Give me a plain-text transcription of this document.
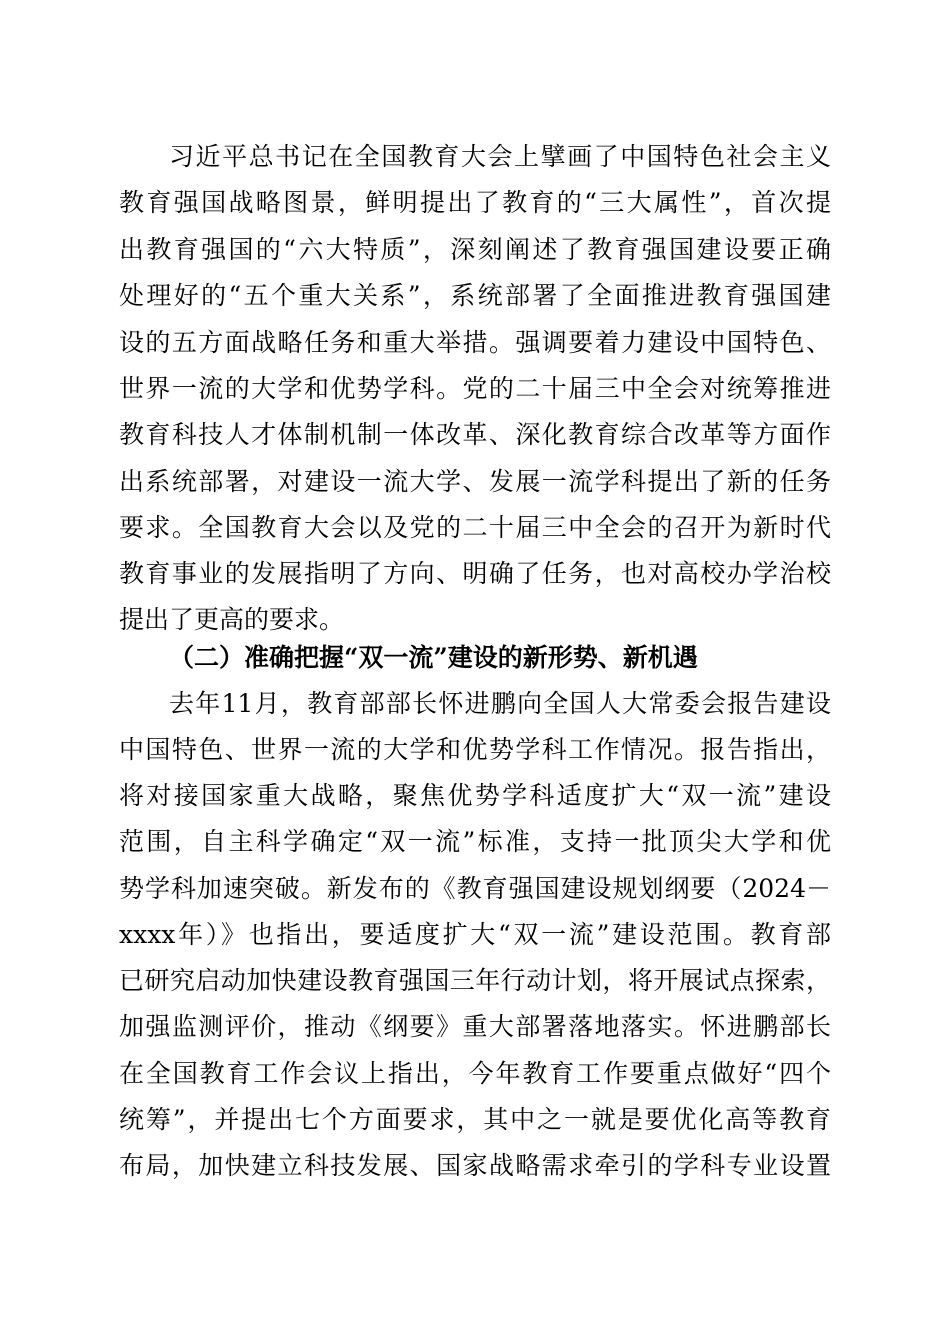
习近平总书记在全国教育大会上擘画了中国特色社会主义
教育强国战略图景，鲜明提出了教育的“三大属性”，首次提
出教育强国的“六大特质”，深刻阐述了教育强国建设要正确
处理好的“五个重大关系”，系统部署了全面推进教育强国建
设的五方面战略任务和重大举措。强调要着力建设中国特色、
世界一流的大学和优势学科。党的二十届三中全会对统筹推进
教育科技人才体制机制一体改革、深化教育综合改革等方面作
出系统部署，对建设一流大学、发展一流学科提出了新的任务
要求。全国教育大会以及党的二十届三中全会的召开为新时代
教育事业的发展指明了方向、明确了任务，也对高校办学治校
提出了更高的要求。
（二）准确把握“双一流”建设的新形势、新机遇
去年11月，教育部部长怀进鹏向全国人大常委会报告建设
中国特色、世界一流的大学和优势学科工作情况。报告指出，
将对接国家重大战略，聚焦优势学科适度扩大“双一流”建设
范围，自主科学确定“双一流”标准，支持一批顶尖大学和优
势学科加速突破。新发布的《教育强国建设规划纲要（2024－
xxxx年）》也指出，要适度扩大“双一流”建设范围。教育部
已研究启动加快建设教育强国三年行动计划，将开展试点探索，
加强监测评价，推动《纲要》重大部署落地落实。怀进鹏部长
在全国教育工作会议上指出，今年教育工作要重点做好“四个
统筹”，并提出七个方面要求，其中之一就是要优化高等教育
布局，加快建立科技发展、国家战略需求牵引的学科专业设置
